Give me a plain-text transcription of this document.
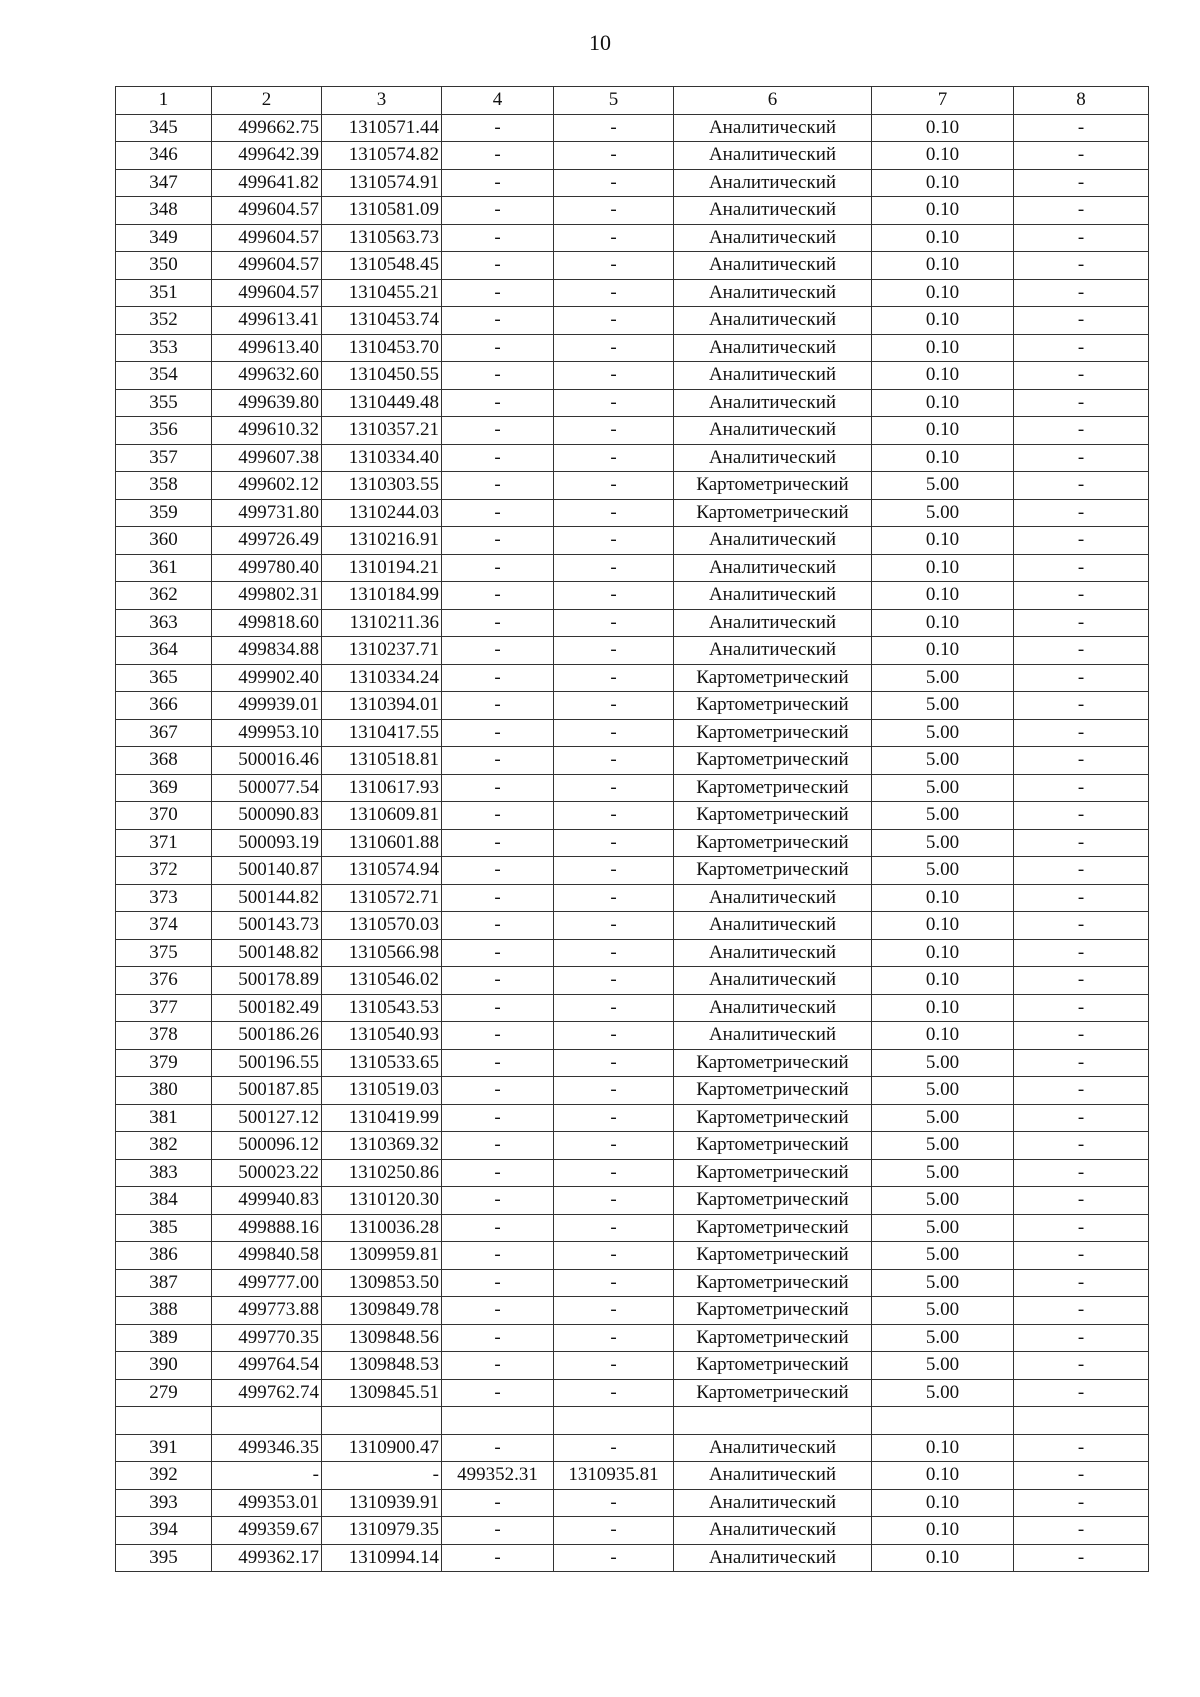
10
1	2	3	4	5	6	7	8
345	499662.75	1310571.44	-	-	Аналитический	0.10	-
346	499642.39	1310574.82	-	-	Аналитический	0.10	-
347	499641.82	1310574.91	-	-	Аналитический	0.10	-
348	499604.57	1310581.09	-	-	Аналитический	0.10	-
349	499604.57	1310563.73	-	-	Аналитический	0.10	-
350	499604.57	1310548.45	-	-	Аналитический	0.10	-
351	499604.57	1310455.21	-	-	Аналитический	0.10	-
352	499613.41	1310453.74	-	-	Аналитический	0.10	-
353	499613.40	1310453.70	-	-	Аналитический	0.10	-
354	499632.60	1310450.55	-	-	Аналитический	0.10	-
355	499639.80	1310449.48	-	-	Аналитический	0.10	-
356	499610.32	1310357.21	-	-	Аналитический	0.10	-
357	499607.38	1310334.40	-	-	Аналитический	0.10	-
358	499602.12	1310303.55	-	-	Картометрический	5.00	-
359	499731.80	1310244.03	-	-	Картометрический	5.00	-
360	499726.49	1310216.91	-	-	Аналитический	0.10	-
361	499780.40	1310194.21	-	-	Аналитический	0.10	-
362	499802.31	1310184.99	-	-	Аналитический	0.10	-
363	499818.60	1310211.36	-	-	Аналитический	0.10	-
364	499834.88	1310237.71	-	-	Аналитический	0.10	-
365	499902.40	1310334.24	-	-	Картометрический	5.00	-
366	499939.01	1310394.01	-	-	Картометрический	5.00	-
367	499953.10	1310417.55	-	-	Картометрический	5.00	-
368	500016.46	1310518.81	-	-	Картометрический	5.00	-
369	500077.54	1310617.93	-	-	Картометрический	5.00	-
370	500090.83	1310609.81	-	-	Картометрический	5.00	-
371	500093.19	1310601.88	-	-	Картометрический	5.00	-
372	500140.87	1310574.94	-	-	Картометрический	5.00	-
373	500144.82	1310572.71	-	-	Аналитический	0.10	-
374	500143.73	1310570.03	-	-	Аналитический	0.10	-
375	500148.82	1310566.98	-	-	Аналитический	0.10	-
376	500178.89	1310546.02	-	-	Аналитический	0.10	-
377	500182.49	1310543.53	-	-	Аналитический	0.10	-
378	500186.26	1310540.93	-	-	Аналитический	0.10	-
379	500196.55	1310533.65	-	-	Картометрический	5.00	-
380	500187.85	1310519.03	-	-	Картометрический	5.00	-
381	500127.12	1310419.99	-	-	Картометрический	5.00	-
382	500096.12	1310369.32	-	-	Картометрический	5.00	-
383	500023.22	1310250.86	-	-	Картометрический	5.00	-
384	499940.83	1310120.30	-	-	Картометрический	5.00	-
385	499888.16	1310036.28	-	-	Картометрический	5.00	-
386	499840.58	1309959.81	-	-	Картометрический	5.00	-
387	499777.00	1309853.50	-	-	Картометрический	5.00	-
388	499773.88	1309849.78	-	-	Картометрический	5.00	-
389	499770.35	1309848.56	-	-	Картометрический	5.00	-
390	499764.54	1309848.53	-	-	Картометрический	5.00	-
279	499762.74	1309845.51	-	-	Картометрический	5.00	-

391	499346.35	1310900.47	-	-	Аналитический	0.10	-
392	-	-	499352.31	1310935.81	Аналитический	0.10	-
393	499353.01	1310939.91	-	-	Аналитический	0.10	-
394	499359.67	1310979.35	-	-	Аналитический	0.10	-
395	499362.17	1310994.14	-	-	Аналитический	0.10	-
